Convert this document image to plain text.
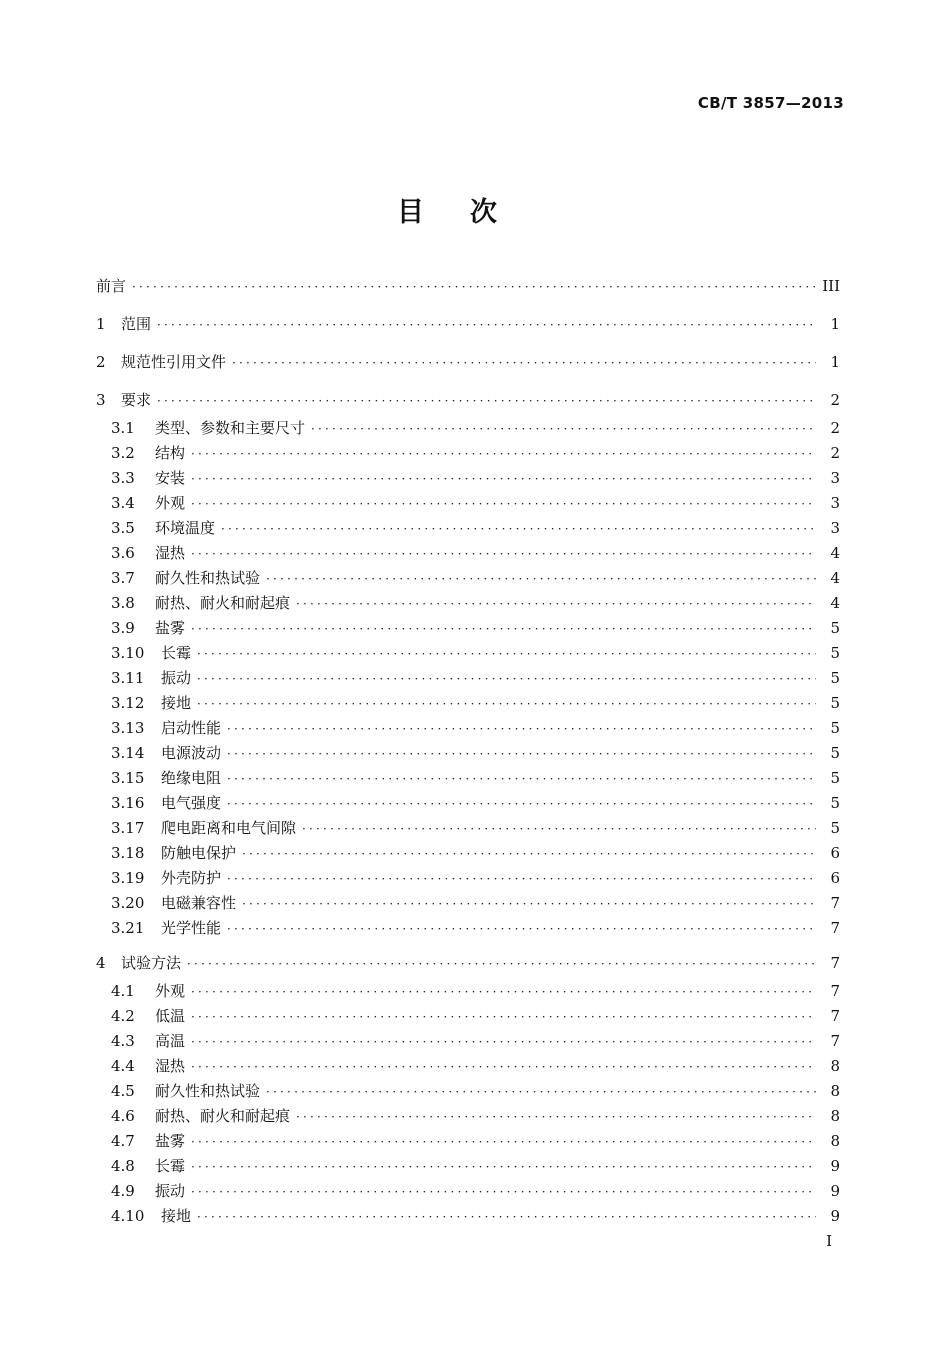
CB/T 3857—2013
目次
前言 ·····	III
1	范围 ·····	1
2	规范性引用文件 ·····	1
3	要求 ·····	2
3.1	类型、参数和主要尺寸 ·····	2
3.2	结构 ·····	2
3.3	安装 ·····	3
3.4	外观 ·····	3
3.5	环境温度 ·····	3
3.6	湿热 ·····	4
3.7	耐久性和热试验 ·····	4
3.8	耐热、耐火和耐起痕 ·····	4
3.9	盐雾 ·····	5
3.10	长霉 ·····	5
3.11	振动 ·····	5
3.12	接地 ·····	5
3.13	启动性能 ·····	5
3.14	电源波动 ·····	5
3.15	绝缘电阻 ·····	5
3.16	电气强度 ·····	5
3.17	爬电距离和电气间隙 ·····	5
3.18	防触电保护 ·····	6
3.19	外壳防护 ·····	6
3.20	电磁兼容性 ·····	7
3.21	光学性能 ·····	7
4	试验方法 ·····	7
4.1	外观 ·····	7
4.2	低温 ·····	7
4.3	高温 ·····	7
4.4	湿热 ·····	8
4.5	耐久性和热试验 ·····	8
4.6	耐热、耐火和耐起痕 ·····	8
4.7	盐雾 ·····	8
4.8	长霉 ·····	9
4.9	振动 ·····	9
4.10	接地 ·····	9
I
